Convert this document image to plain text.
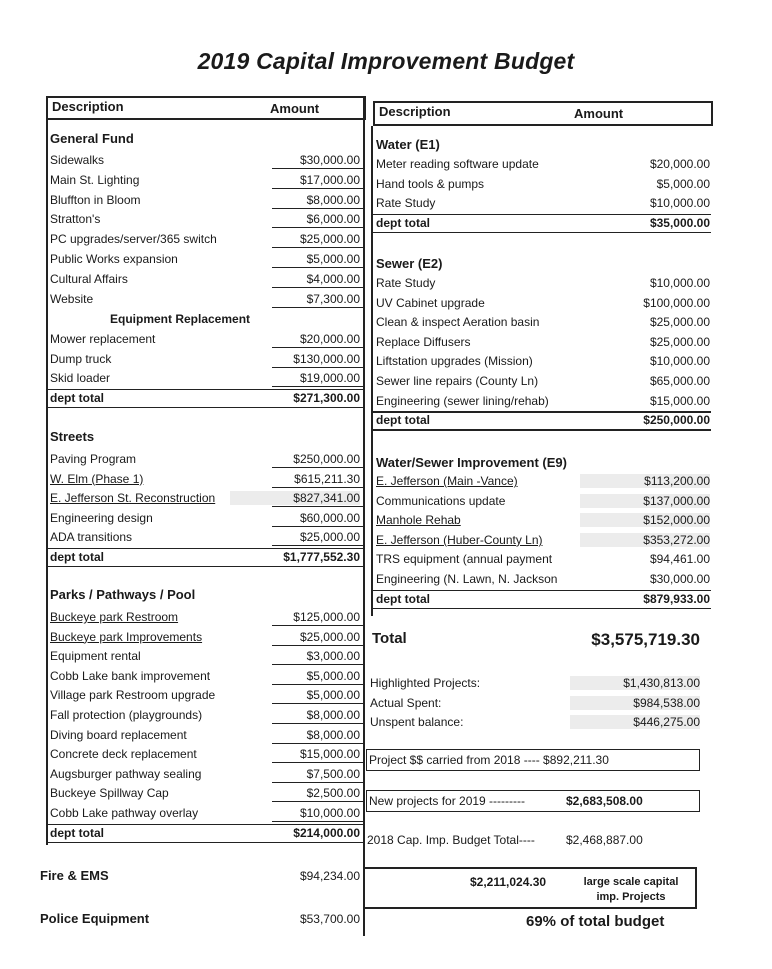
2019 Capital Improvement Budget
Description	Amount	Description	Amount
Total	$3,575,719.30
Project $$ carried from 2018 ---- $892,211.30
New projects for 2019 ---------	$2,683,508.00
2018 Cap. Imp. Budget Total----	$2,468,887.00
$2,211,024.30	large scale capital imp. Projects
69% of total budget
General Fund
Sidewalks	$30,000.00
Main St. Lighting	$17,000.00
Bluffton in Bloom	$8,000.00
Stratton's	$6,000.00
PC upgrades/server/365 switch	$25,000.00
Public Works expansion	$5,000.00
Cultural Affairs	$4,000.00
Website	$7,300.00
Equipment Replacement
Mower replacement	$20,000.00
Dump truck	$130,000.00
Skid loader	$19,000.00
dept total	$271,300.00
Streets
Paving Program	$250,000.00
W. Elm (Phase 1)	$615,211.30
E. Jefferson St. Reconstruction	$827,341.00
Engineering design	$60,000.00
ADA transitions	$25,000.00
dept total	$1,777,552.30
Parks / Pathways / Pool
Buckeye park Restroom	$125,000.00
Buckeye park Improvements	$25,000.00
Equipment rental	$3,000.00
Cobb Lake bank improvement	$5,000.00
Village park Restroom upgrade	$5,000.00
Fall protection (playgrounds)	$8,000.00
Diving board replacement	$8,000.00
Concrete deck replacement	$15,000.00
Augsburger pathway sealing	$7,500.00
Buckeye Spillway Cap	$2,500.00
Cobb Lake pathway overlay	$10,000.00
dept total	$214,000.00
Fire & EMS	$94,234.00
Police Equipment	$53,700.00
Water (E1)
Meter reading software update	$20,000.00
Hand tools & pumps	$5,000.00
Rate Study	$10,000.00
dept total	$35,000.00
Sewer (E2)
Rate Study	$10,000.00
UV Cabinet upgrade	$100,000.00
Clean & inspect Aeration basin	$25,000.00
Replace Diffusers	$25,000.00
Liftstation upgrades (Mission)	$10,000.00
Sewer line repairs (County Ln)	$65,000.00
Engineering (sewer lining/rehab)	$15,000.00
dept total	$250,000.00
Water/Sewer Improvement (E9)
E. Jefferson (Main -Vance)	$113,200.00
Communications update	$137,000.00
Manhole Rehab	$152,000.00
E. Jefferson (Huber-County Ln)	$353,272.00
TRS equipment (annual payment	$94,461.00
Engineering (N. Lawn, N. Jackson	$30,000.00
dept total	$879,933.00
Highlighted Projects:	$1,430,813.00
Actual Spent:	$984,538.00
Unspent balance:	$446,275.00
